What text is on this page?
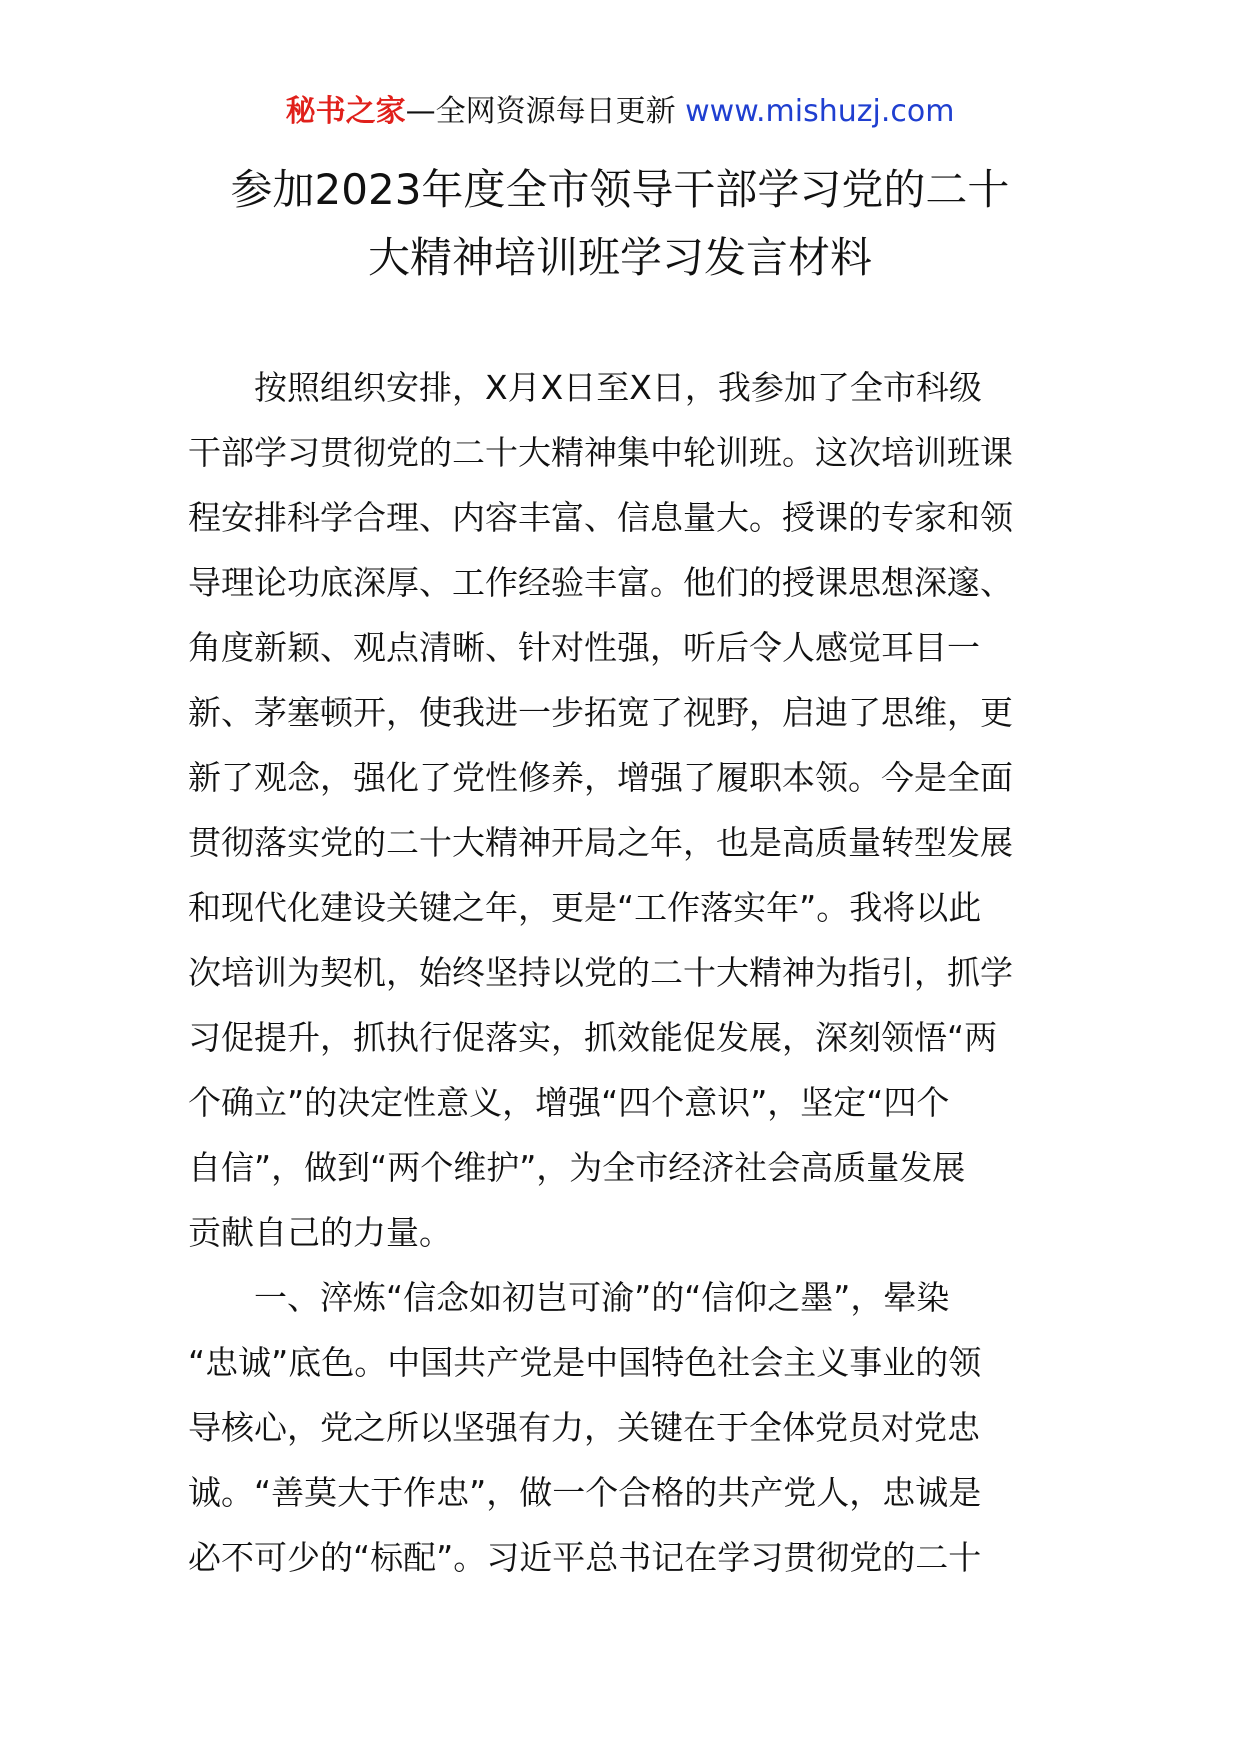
秘书之家—全网资源每日更新 www.mishuzj.com
参加2023年度全市领导干部学习党的二十
大精神培训班学习发言材料
按照组织安排，X月X日至X日，我参加了全市科级
干部学习贯彻党的二十大精神集中轮训班。这次培训班课
程安排科学合理、内容丰富、信息量大。授课的专家和领
导理论功底深厚、工作经验丰富。他们的授课思想深邃、
角度新颖、观点清晰、针对性强，听后令人感觉耳目一
新、茅塞顿开，使我进一步拓宽了视野，启迪了思维，更
新了观念，强化了党性修养，增强了履职本领。今是全面
贯彻落实党的二十大精神开局之年，也是高质量转型发展
和现代化建设关键之年，更是“工作落实年”。我将以此
次培训为契机，始终坚持以党的二十大精神为指引，抓学
习促提升，抓执行促落实，抓效能促发展，深刻领悟“两
个确立”的决定性意义，增强“四个意识”，坚定“四个
自信”，做到“两个维护”，为全市经济社会高质量发展
贡献自己的力量。
一、淬炼“信念如初岂可渝”的“信仰之墨”，晕染
“忠诚”底色。中国共产党是中国特色社会主义事业的领
导核心，党之所以坚强有力，关键在于全体党员对党忠
诚。“善莫大于作忠”，做一个合格的共产党人，忠诚是
必不可少的“标配”。习近平总书记在学习贯彻党的二十
